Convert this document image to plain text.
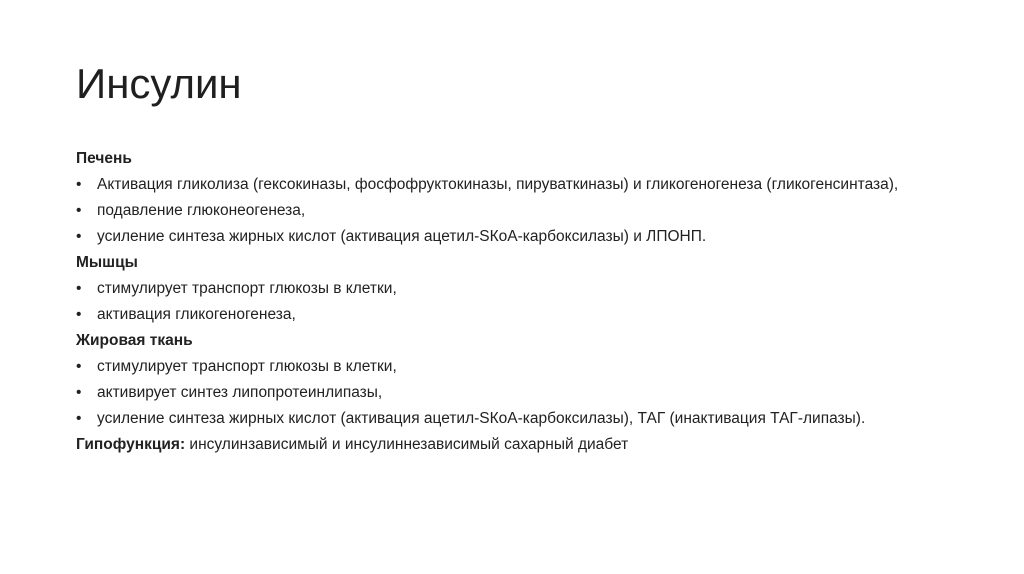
Инсулин
Печень
• Активация гликолиза (гексокиназы, фосфофруктокиназы, пируваткиназы) и гликогеногенеза (гликогенсинтаза),
• подавление глюконеогенеза,
• усиление синтеза жирных кислот (активация ацетил-SКоА-карбоксилазы) и ЛПОНП.
Мышцы
• стимулирует транспорт глюкозы в клетки,
• активация гликогеногенеза,
Жировая ткань
• стимулирует транспорт глюкозы в клетки,
• активирует синтез липопротеинлипазы,
• усиление синтеза жирных кислот (активация ацетил-SКоА-карбоксилазы), ТАГ (инактивация ТАГ-липазы).
Гипофункция: инсулинзависимый и инсулиннезависимый сахарный диабет
